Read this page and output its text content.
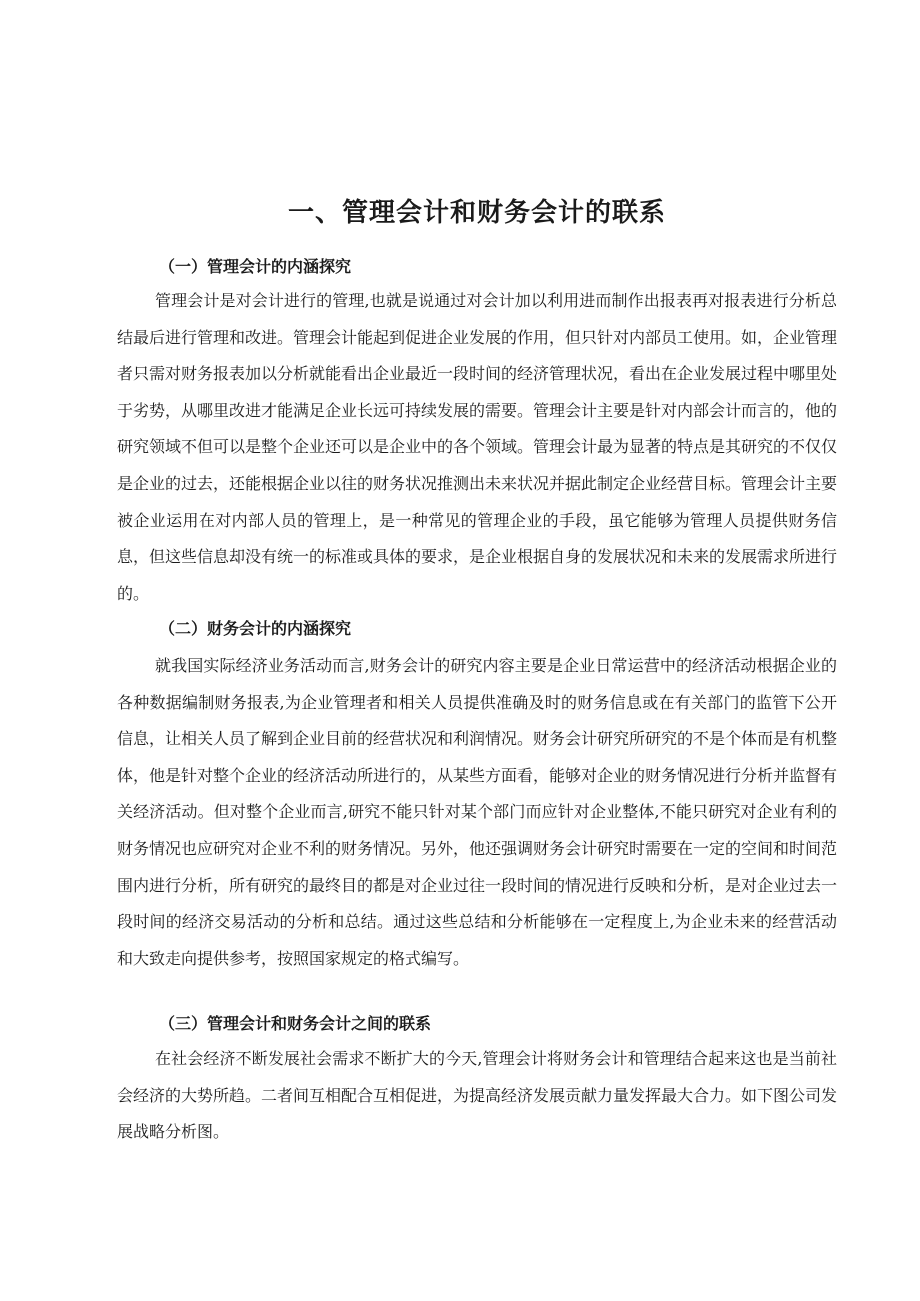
一、管理会计和财务会计的联系
（一）管理会计的内涵探究

管理会计是对会计进行的管理,也就是说通过对会计加以利用进而制作出报表再对报表进行分析总结最后进行管理和改进。管理会计能起到促进企业发展的作用，但只针对内部员工使用。如，企业管理者只需对财务报表加以分析就能看出企业最近一段时间的经济管理状况，看出在企业发展过程中哪里处于劣势，从哪里改进才能满足企业长远可持续发展的需要。管理会计主要是针对内部会计而言的，他的研究领域不但可以是整个企业还可以是企业中的各个领域。管理会计最为显著的特点是其研究的不仅仅是企业的过去，还能根据企业以往的财务状况推测出未来状况并据此制定企业经营目标。管理会计主要被企业运用在对内部人员的管理上，是一种常见的管理企业的手段，虽它能够为管理人员提供财务信息，但这些信息却没有统一的标准或具体的要求，是企业根据自身的发展状况和未来的发展需求所进行的。

（二）财务会计的内涵探究

就我国实际经济业务活动而言,财务会计的研究内容主要是企业日常运营中的经济活动根据企业的各种数据编制财务报表,为企业管理者和相关人员提供准确及时的财务信息或在有关部门的监管下公开信息，让相关人员了解到企业目前的经营状况和利润情况。财务会计研究所研究的不是个体而是有机整体，他是针对整个企业的经济活动所进行的，从某些方面看，能够对企业的财务情况进行分析并监督有关经济活动。但对整个企业而言,研究不能只针对某个部门而应针对企业整体,不能只研究对企业有利的财务情况也应研究对企业不利的财务情况。另外，他还强调财务会计研究时需要在一定的空间和时间范围内进行分析，所有研究的最终目的都是对企业过往一段时间的情况进行反映和分析，是对企业过去一段时间的经济交易活动的分析和总结。通过这些总结和分析能够在一定程度上,为企业未来的经营活动和大致走向提供参考，按照国家规定的格式编写。

（三）管理会计和财务会计之间的联系

在社会经济不断发展社会需求不断扩大的今天,管理会计将财务会计和管理结合起来这也是当前社会经济的大势所趋。二者间互相配合互相促进，为提高经济发展贡献力量发挥最大合力。如下图公司发展战略分析图。
